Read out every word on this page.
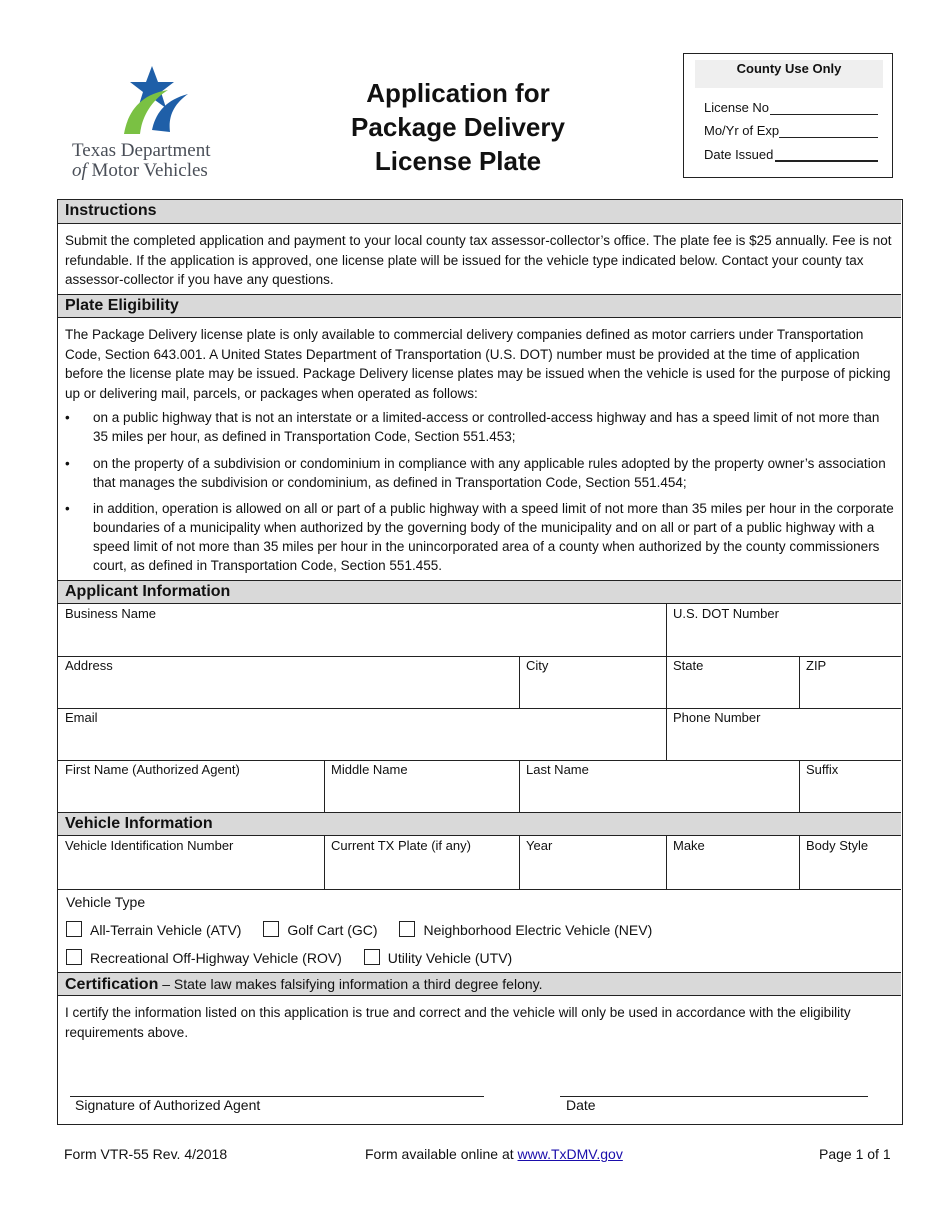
Texas Department
of Motor Vehicles
Application for
Package Delivery
License Plate
County Use Only
License No
Mo/Yr of Exp
Date Issued
Instructions
Submit the completed application and payment to your local county tax assessor-collector’s office. The plate fee is $25 annually. Fee is not refundable. If the application is approved, one license plate will be issued for the vehicle type indicated below. Contact your county tax assessor-collector if you have any questions.
Plate Eligibility
The Package Delivery license plate is only available to commercial delivery companies defined as motor carriers under Transportation Code, Section 643.001. A United States Department of Transportation (U.S. DOT) number must be provided at the time of application before the license plate may be issued. Package Delivery license plates may be issued when the vehicle is used for the purpose of picking up or delivering mail, parcels, or packages when operated as follows:
• on a public highway that is not an interstate or a limited-access or controlled-access highway and has a speed limit of not more than 35 miles per hour, as defined in Transportation Code, Section 551.453;
• on the property of a subdivision or condominium in compliance with any applicable rules adopted by the property owner’s association that manages the subdivision or condominium, as defined in Transportation Code, Section 551.454;
• in addition, operation is allowed on all or part of a public highway with a speed limit of not more than 35 miles per hour in the corporate boundaries of a municipality when authorized by the governing body of the municipality and on all or part of a public highway with a speed limit of not more than 35 miles per hour in the unincorporated area of a county when authorized by the county commissioners court, as defined in Transportation Code, Section 551.455.
Applicant Information
Business Name	U.S. DOT Number
Address	City	State	ZIP
Email	Phone Number
First Name (Authorized Agent)	Middle Name	Last Name	Suffix
Vehicle Information
Vehicle Identification Number	Current TX Plate (if any)	Year	Make	Body Style
Vehicle Type
All-Terrain Vehicle (ATV)	Golf Cart (GC)	Neighborhood Electric Vehicle (NEV)
Recreational Off-Highway Vehicle (ROV)	Utility Vehicle (UTV)
Certification – State law makes falsifying information a third degree felony.
I certify the information listed on this application is true and correct and the vehicle will only be used in accordance with the eligibility requirements above.
Signature of Authorized Agent	Date
Form VTR-55 Rev. 4/2018	Form available online at www.TxDMV.gov	Page 1 of 1
